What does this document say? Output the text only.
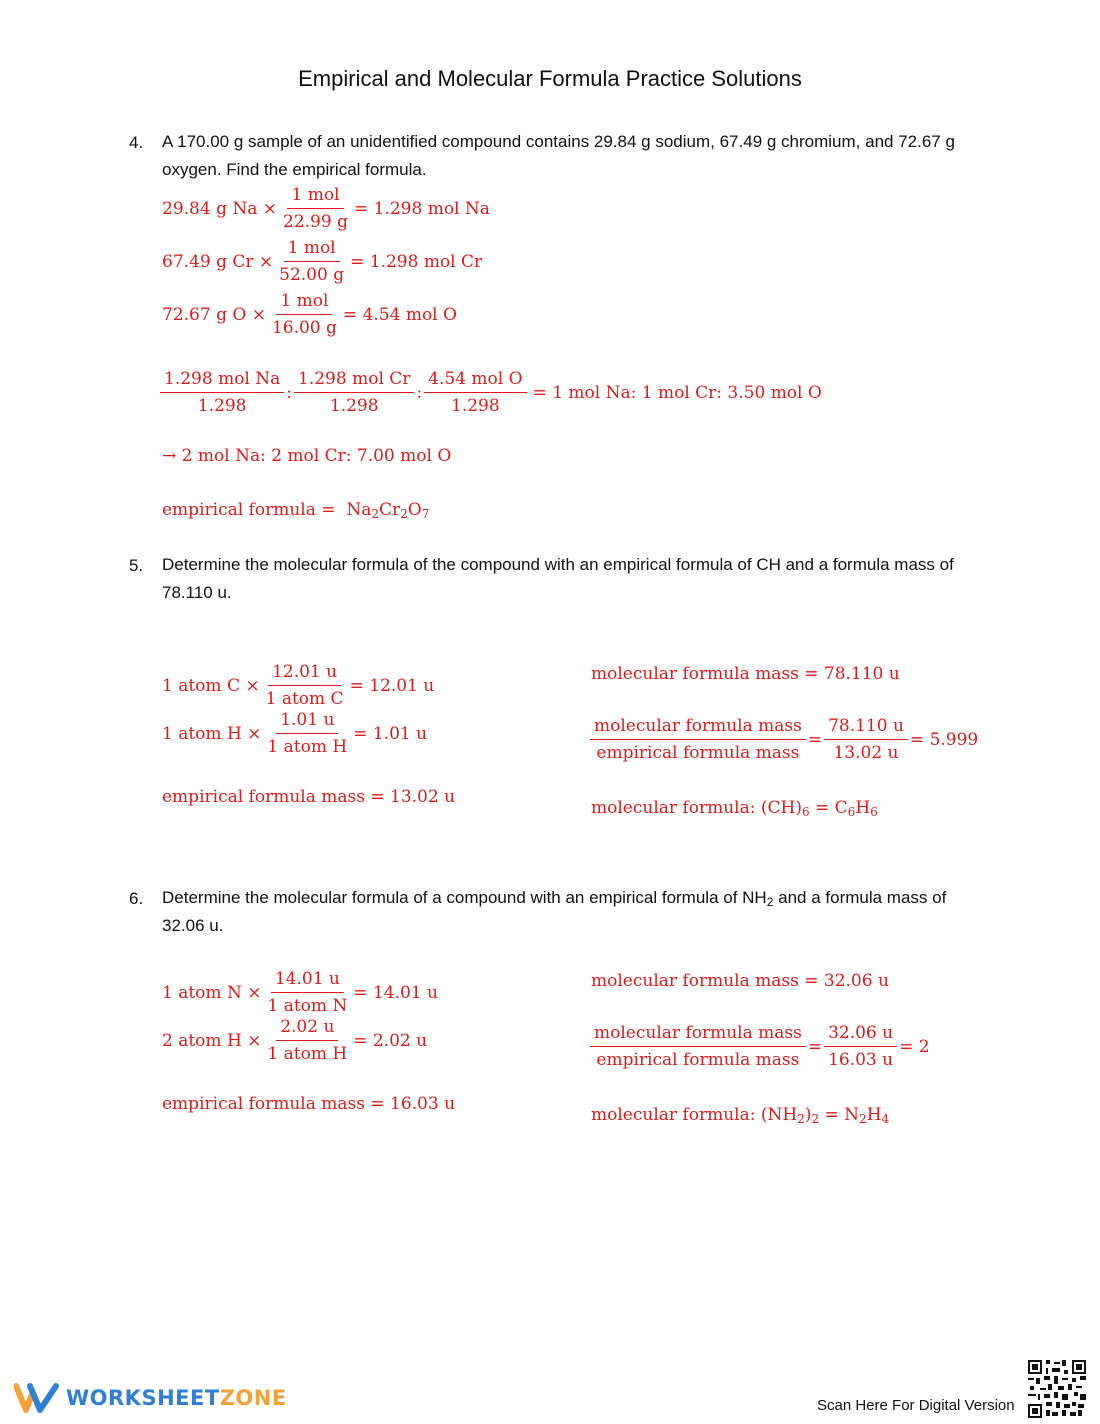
Empirical and Molecular Formula Practice Solutions
4. A 170.00 g sample of an unidentified compound contains 29.84 g sodium, 67.49 g chromium, and 72.67 g oxygen. Find the empirical formula.
29.84 g $Na \times \frac{\text{1 mol}}{22.99 g} = 1.298$ mol Na
67.49 g $Cr \times \frac{\text{1 mol}}{52.00 g} = 1.298$ mol Cr
72.67 g $O \times \frac{\text{1 mol}}{16.00 g} = 4.54$ mol O
$\frac{\text{1.298 mol Na}}{1.298}$ : $\frac{\text{1.298 mol Cr}}{1.298}$ : $\frac{\text{4.54 mol O}}{1.298} = 1$ mol Na: 1 mol Cr: 3.50 mol O
→ 2 mol Na: 2 mol Cr: 7.00 mol O
empirical formula = $Na_2Cr_2O_7$
5. Determine the molecular formula of the compound with an empirical formula of CH and a formula mass of 78.110 u.
1 atom $C \times \frac{12.01 u}{\text{1 atom C}} = 12.01$ u
1 atom $H \times \frac{1.01 u}{\text{1 atom H}} = 1.01$ u
empirical formula mass = 13.02 u
molecular formula mass = 78.110 u
$\frac{\text{molecular formula mass}}{\text{empirical formula mass}} = \frac{78.110 u}{13.02 u} = 5.999$
molecular formula: $(CH)_6 = C_6H_6$
6. Determine the molecular formula of a compound with an empirical formula of $NH_2$ and a formula mass of 32.06 u.
1 atom $N \times \frac{14.01 u}{\text{1 atom N}} = 14.01$ u
2 atom $H \times \frac{2.02 u}{\text{1 atom H}} = 2.02$ u
empirical formula mass = 16.03 u
molecular formula mass = 32.06 u
$\frac{\text{molecular formula mass}}{\text{empirical formula mass}} = \frac{32.06 u}{16.03 u} = 2$
molecular formula: $(NH_2)_2 = N_2H_4$
WORKSHEETZONE	Scan Here For Digital Version
